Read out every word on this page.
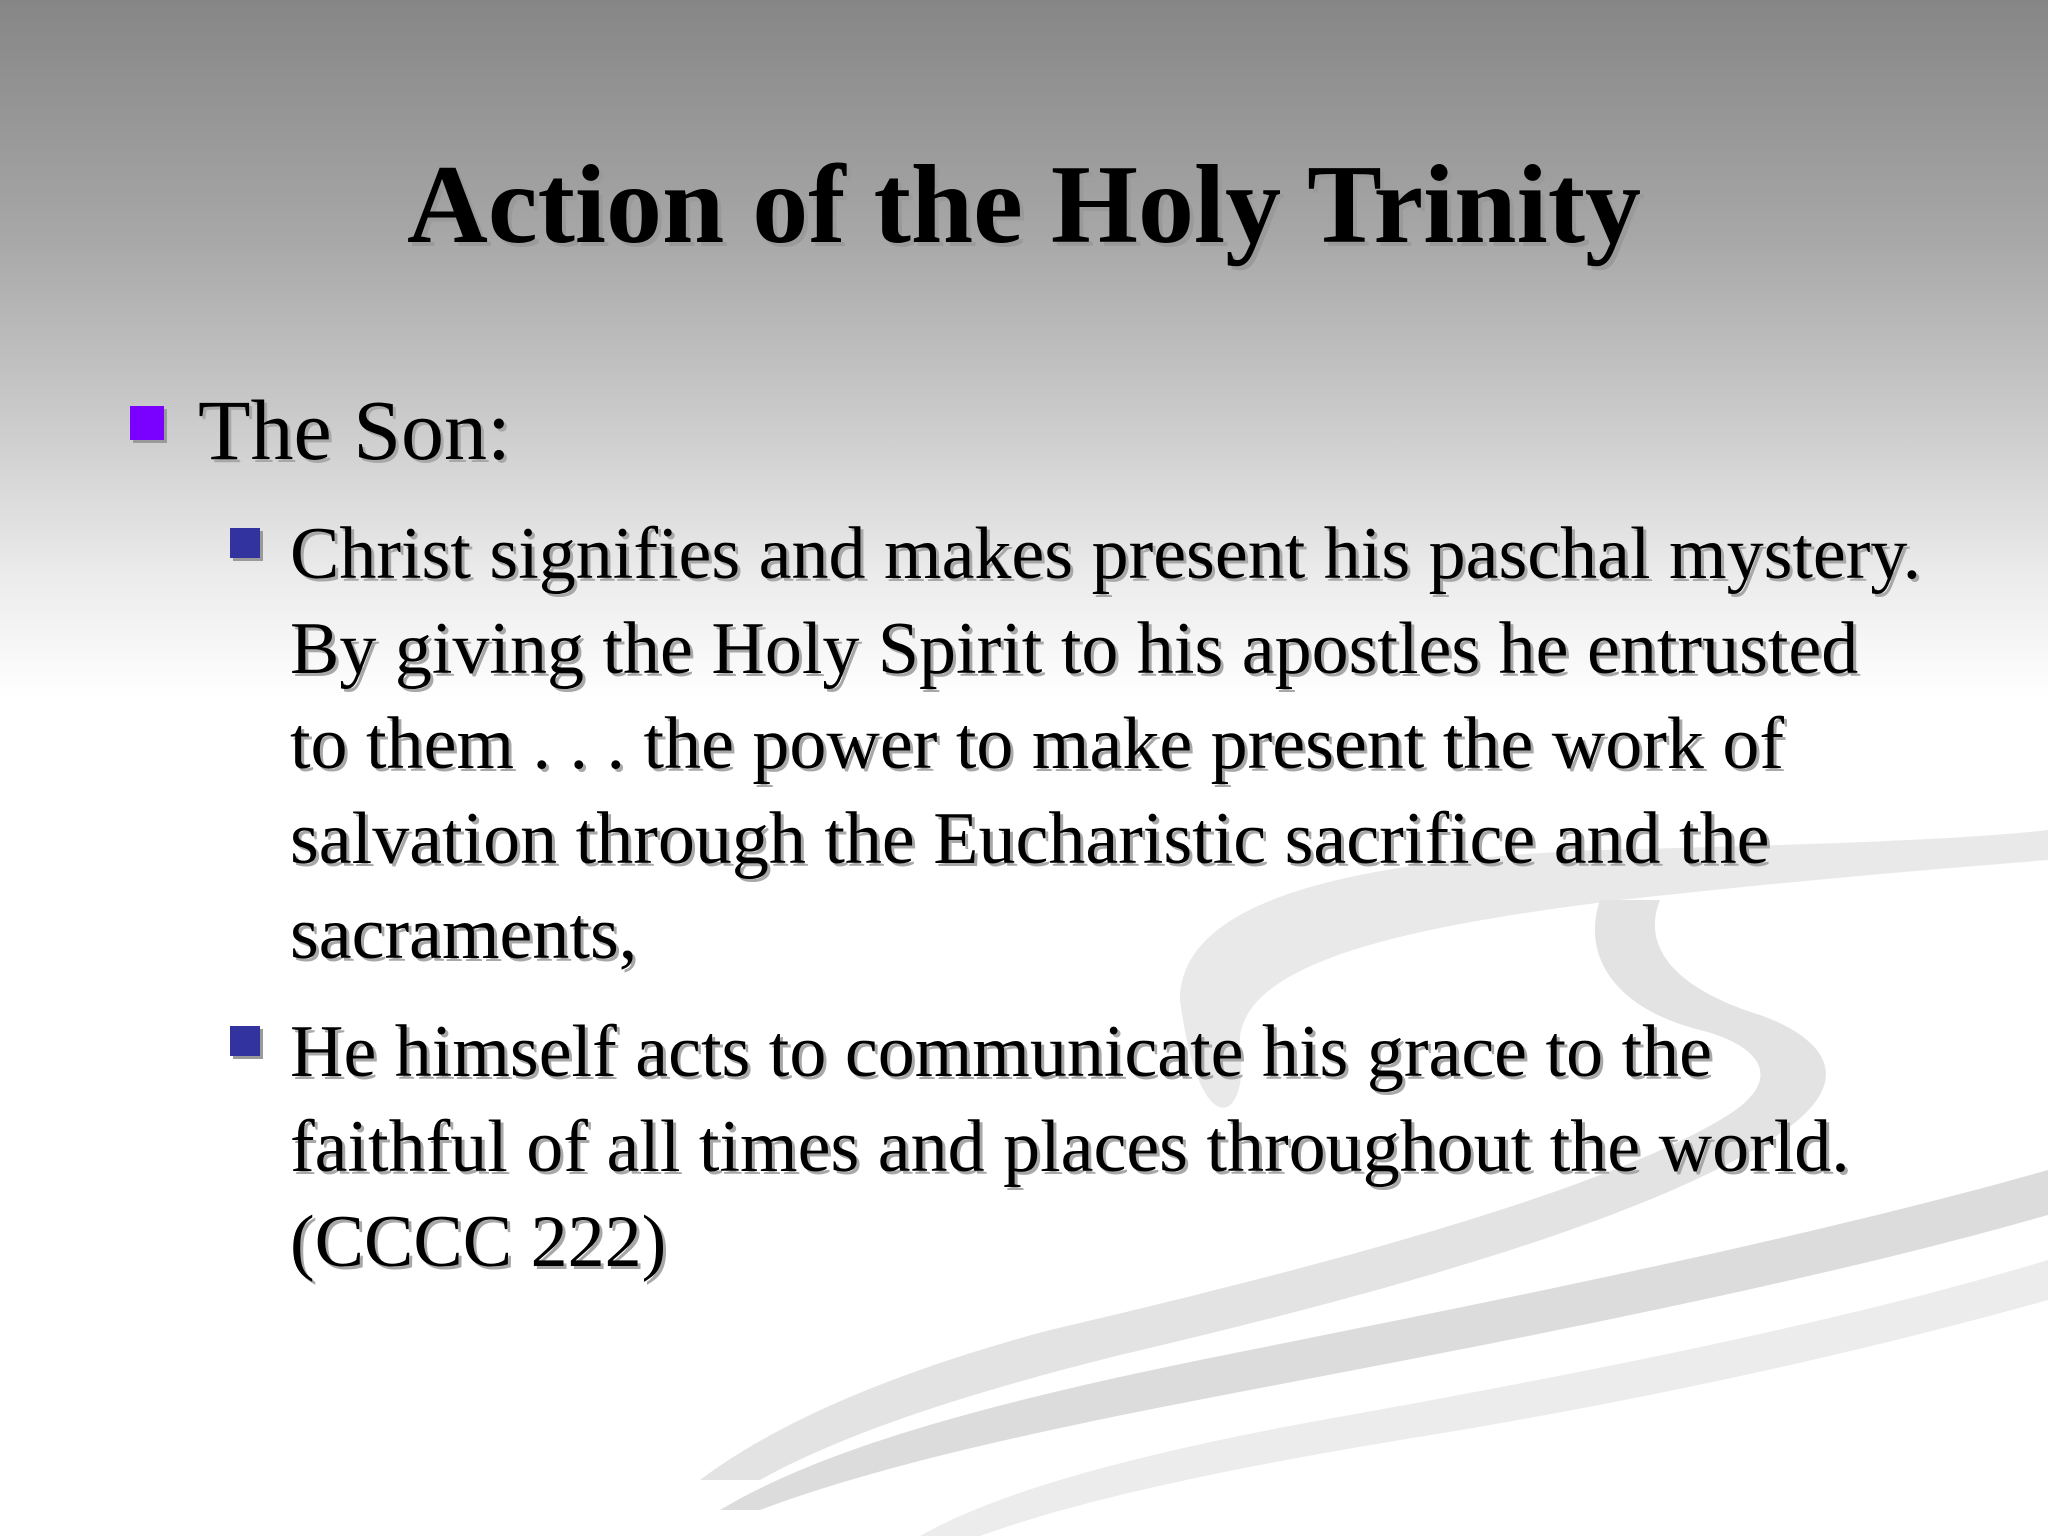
Action of the Holy Trinity
The Son:
Christ signifies and makes present his paschal mystery. By giving the Holy Spirit to his apostles he entrusted to them . . . the power to make present the work of salvation through the Eucharistic sacrifice and the sacraments,
He himself acts to communicate his grace to the faithful of all times and places throughout the world. (CCCC 222)
